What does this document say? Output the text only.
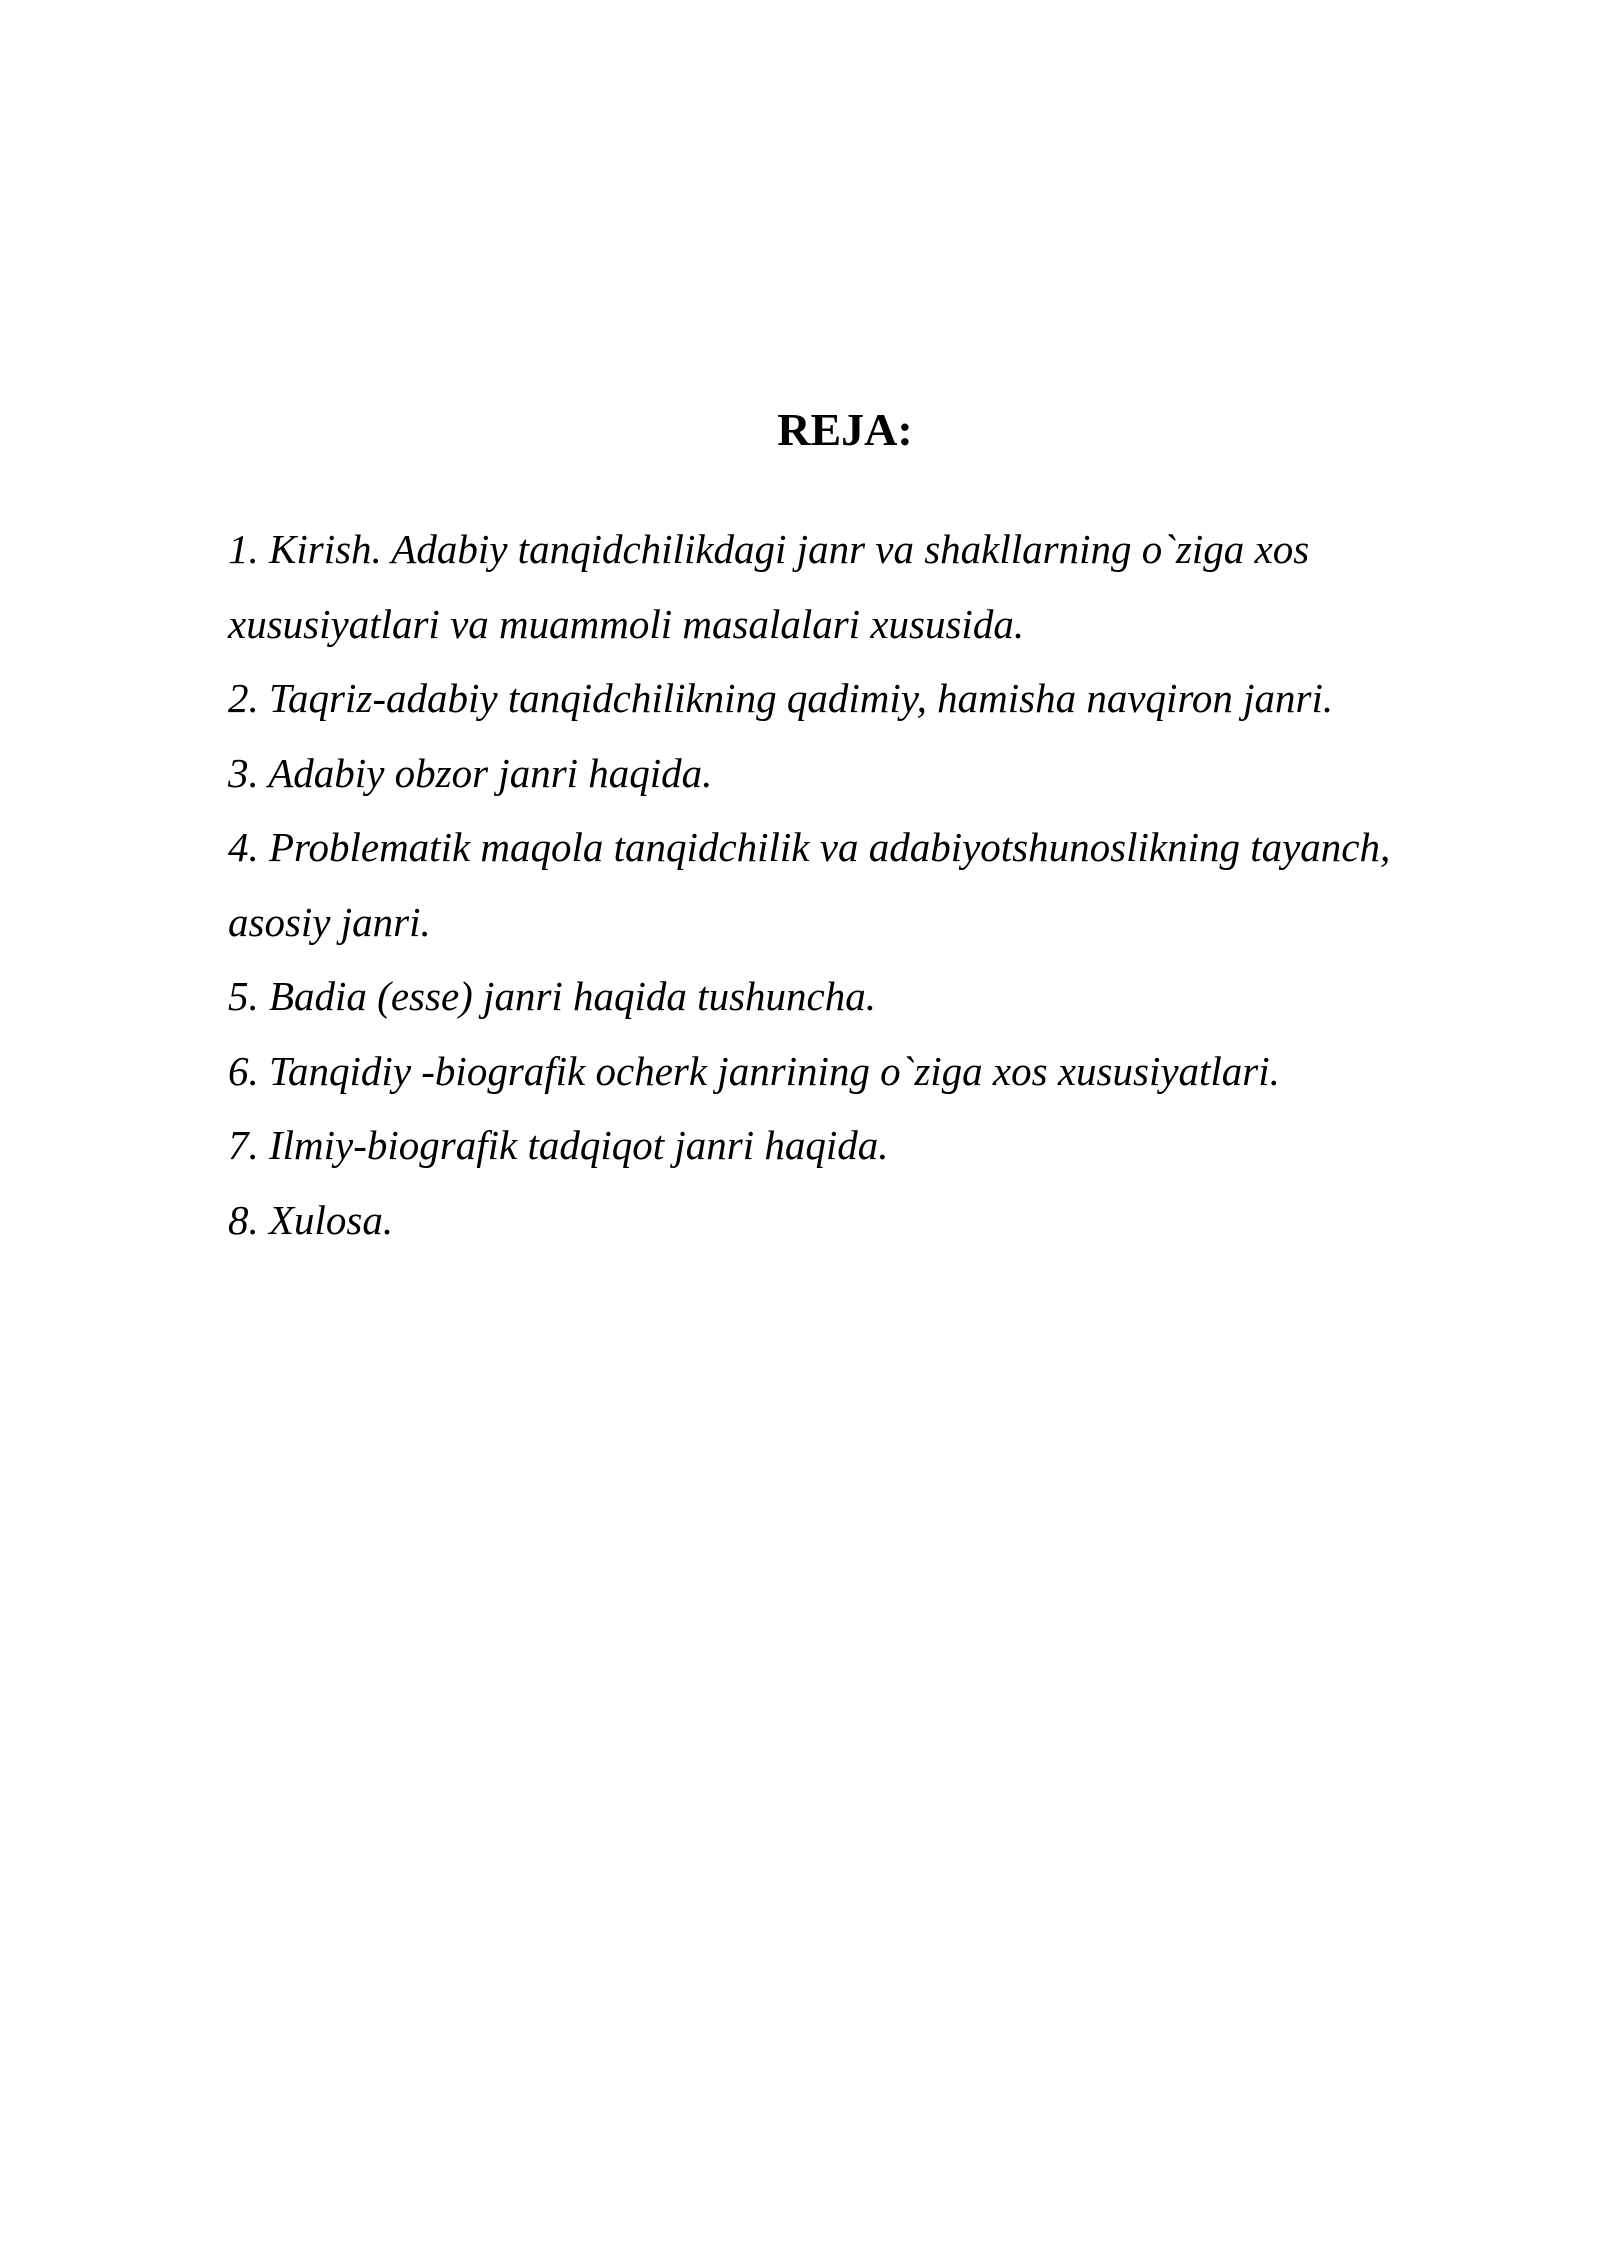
REJA:
1. Kirish. Adabiy tanqidchilikdagi janr va shakllarning o`ziga xos
xususiyatlari va muammoli masalalari xususida.
2. Taqriz-adabiy tanqidchilikning qadimiy, hamisha navqiron janri.
3. Adabiy obzor janri haqida.
4. Problematik maqola tanqidchilik va adabiyotshunoslikning tayanch,
asosiy janri.
5. Badia (esse) janri haqida tushuncha.
6. Tanqidiy -biografik ocherk janrining o`ziga xos xususiyatlari.
7. Ilmiy-biografik tadqiqot janri haqida.
8. Xulosa.
